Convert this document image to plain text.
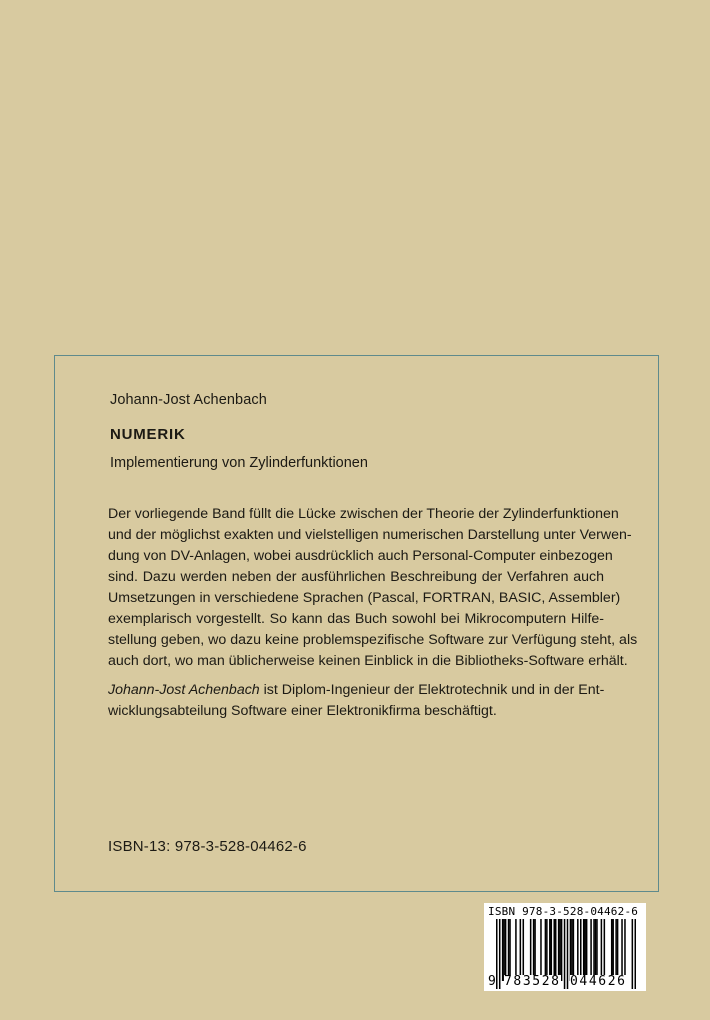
Johann-Jost Achenbach
NUMERIK
Implementierung von Zylinderfunktionen

Der vorliegende Band füllt die Lücke zwischen der Theorie der Zylinderfunktionen
und der möglichst exakten und vielstelligen numerischen Darstellung unter Verwen-
dung von DV-Anlagen, wobei ausdrücklich auch Personal-Computer einbezogen
sind. Dazu werden neben der ausführlichen Beschreibung der Verfahren auch
Umsetzungen in verschiedene Sprachen (Pascal, FORTRAN, BASIC, Assembler)
exemplarisch vorgestellt. So kann das Buch sowohl bei Mikrocomputern Hilfe-
stellung geben, wo dazu keine problemspezifische Software zur Verfügung steht, als
auch dort, wo man üblicherweise keinen Einblick in die Bibliotheks-Software erhält.

Johann-Jost Achenbach ist Diplom-Ingenieur der Elektrotechnik und in der Ent-
wicklungsabteilung Software einer Elektronikfirma beschäftigt.

ISBN-13: 978-3-528-04462-6
ISBN 978-3-528-04462-6
9 783528 044626
